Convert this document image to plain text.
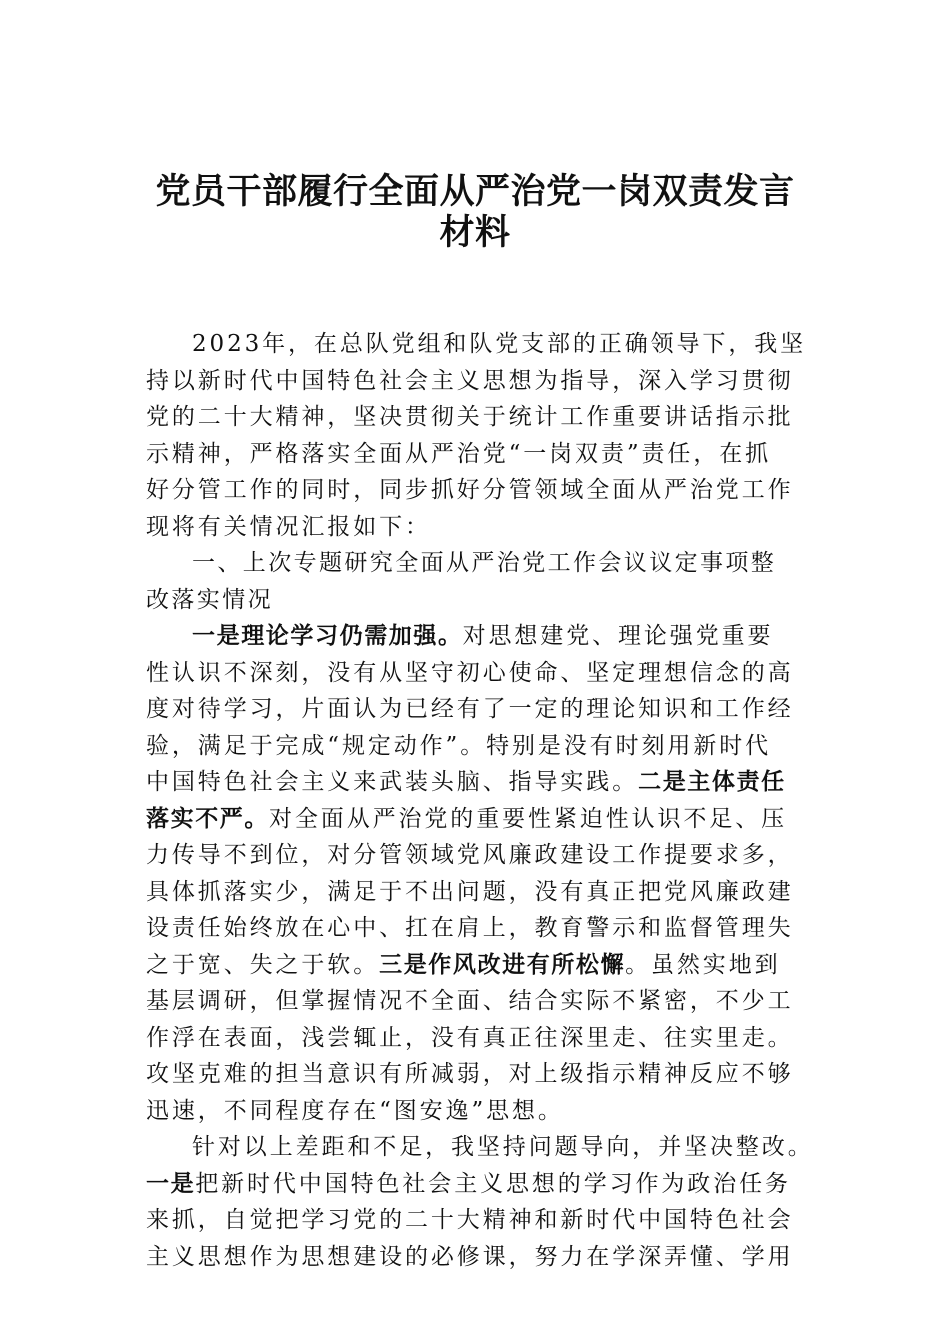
党员干部履行全面从严治党一岗双责发言
材料
2023年，在总队党组和队党支部的正确领导下，我坚
持以新时代中国特色社会主义思想为指导，深入学习贯彻
党的二十大精神，坚决贯彻关于统计工作重要讲话指示批
示精神，严格落实全面从严治党“一岗双责”责任，在抓
好分管工作的同时，同步抓好分管领域全面从严治党工作
现将有关情况汇报如下：
一、上次专题研究全面从严治党工作会议议定事项整
改落实情况
一是理论学习仍需加强。对思想建党、理论强党重要
性认识不深刻，没有从坚守初心使命、坚定理想信念的高
度对待学习，片面认为已经有了一定的理论知识和工作经
验，满足于完成“规定动作”。特别是没有时刻用新时代
中国特色社会主义来武装头脑、指导实践。二是主体责任
落实不严。对全面从严治党的重要性紧迫性认识不足、压
力传导不到位，对分管领域党风廉政建设工作提要求多，
具体抓落实少，满足于不出问题，没有真正把党风廉政建
设责任始终放在心中、扛在肩上，教育警示和监督管理失
之于宽、失之于软。三是作风改进有所松懈。虽然实地到
基层调研，但掌握情况不全面、结合实际不紧密，不少工
作浮在表面，浅尝辄止，没有真正往深里走、往实里走。
攻坚克难的担当意识有所减弱，对上级指示精神反应不够
迅速，不同程度存在“图安逸”思想。
针对以上差距和不足，我坚持问题导向，并坚决整改。
一是把新时代中国特色社会主义思想的学习作为政治任务
来抓，自觉把学习党的二十大精神和新时代中国特色社会
主义思想作为思想建设的必修课，努力在学深弄懂、学用
